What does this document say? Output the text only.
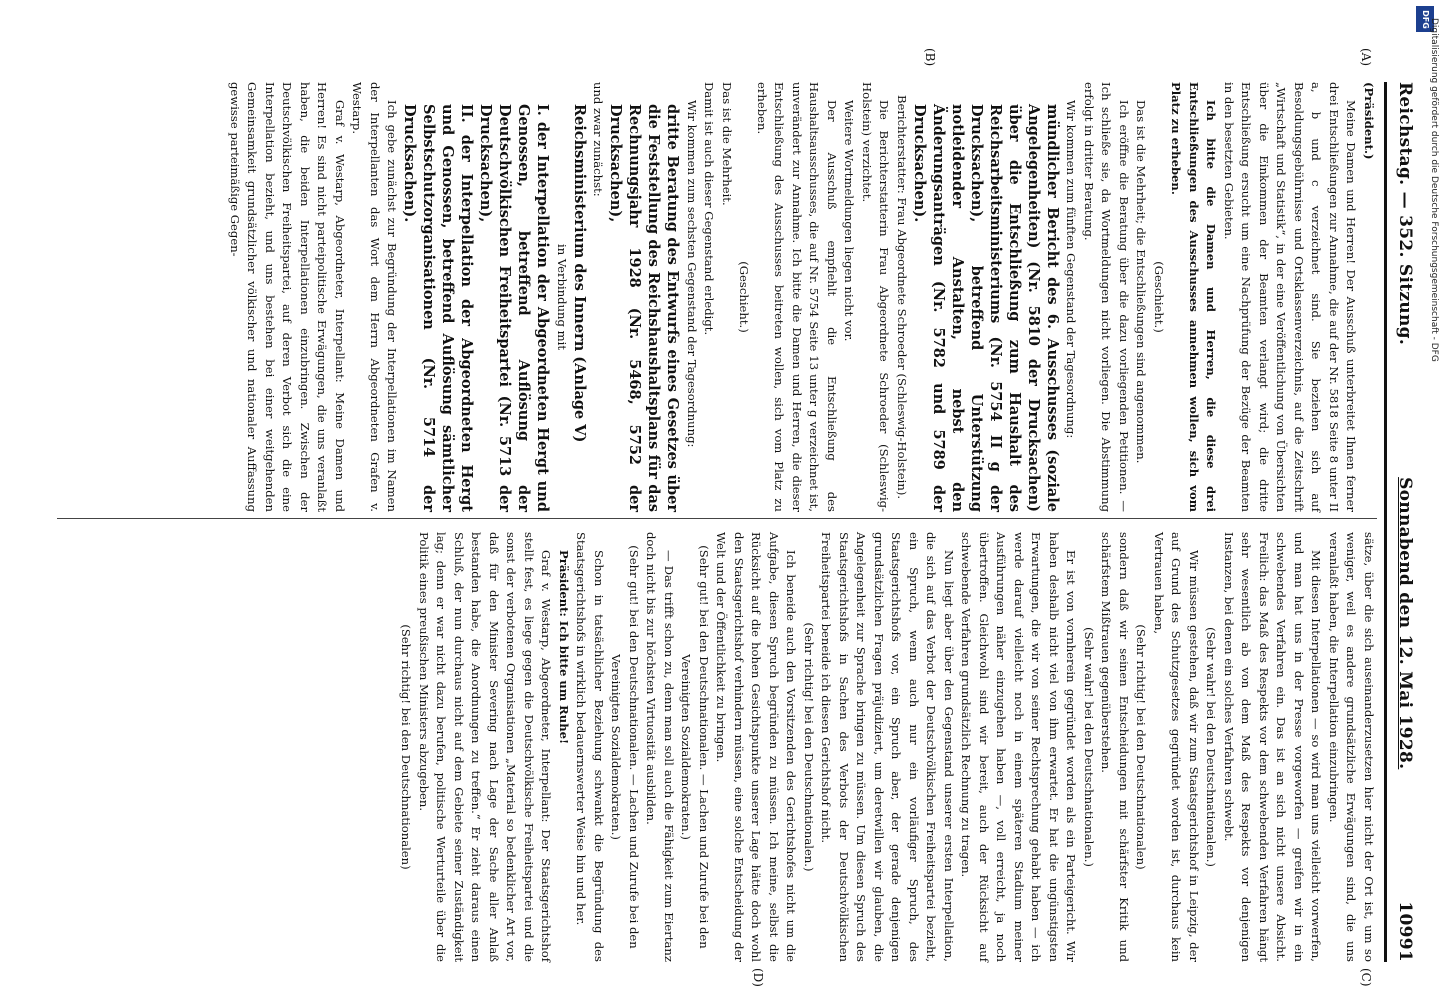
DFG Digitalisierung gefördert durch die Deutsche Forschungsgemeinschaft - DFG
Reichstag. — 352. Sitzung.
Sonnabend den 12. Mai 1928.
10991
(A)
(B)
(C)
(D)

(Präsident.)

Meine Damen und Herren! Der Ausschuß unterbreitet Ihnen ferner drei Entschließungen zur Annahme, die auf der Nr. 5818 Seite 8 unter II a, b und c verzeichnet sind. Sie beziehen sich auf Besoldungsgebührnisse und Ortsklassenverzeichnis, auf die Zeitschrift „Wirtschaft und Statistik“, in der eine Veröffentlichung von Übersichten über die Einkommen der Beamten verlangt wird; die dritte Entschließung ersucht um eine Nachprüfung der Bezüge der Beamten in den besetzten Gebieten.

Ich bitte die Damen und Herren, die diese drei Entschließungen des Ausschusses annehmen wollen, sich vom Platz zu erheben.

(Geschieht.)

Das ist die Mehrheit; die Entschließungen sind angenommen.

Ich eröffne die Beratung über die dazu vorliegenden Petitionen. — Ich schließe sie, da Wortmeldungen nicht vorliegen. Die Abstimmung erfolgt in dritter Beratung.

Wir kommen zum fünften Gegenstand der Tagesordnung:

mündlicher Bericht des 6. Ausschusses (soziale Angelegenheiten) (Nr. 5810 der Drucksachen) über die Entschließung zum Haushalt des Reichsarbeitsministeriums (Nr. 5754 II g der Drucksachen), betreffend Unterstützung notleidender Anstalten, nebst den Änderungsanträgen (Nr. 5782 und 5789 der Drucksachen).

Berichterstatter: Frau Abgeordnete Schroeder (Schleswig-Holstein).

Die Berichterstatterin Frau Abgeordnete Schroeder (Schleswig-Holstein) verzichtet.

Weitere Wortmeldungen liegen nicht vor.

Der Ausschuß empfiehlt die Entschließung des Haushaltsausschusses, die auf Nr. 5754 Seite 13 unter g verzeichnet ist, unverändert zur Annahme. Ich bitte die Damen und Herren, die dieser Entschließung des Ausschusses beitreten wollen, sich vom Platz zu erheben.

(Geschieht.)

Das ist die Mehrheit.

Damit ist auch dieser Gegenstand erledigt.

Wir kommen zum sechsten Gegenstand der Tagesordnung:

dritte Beratung des Entwurfs eines Gesetzes über die Feststellung des Reichshaushaltsplans für das Rechnungsjahr 1928 (Nr. 5468, 5752 der Drucksachen),

und zwar zunächst:

Reichsministerium des Innern (Anlage V)

in Verbindung mit

I. der Interpellation der Abgeordneten Hergt und Genossen, betreffend Auflösung der Deutschvölkischen Freiheitspartei (Nr. 5713 der Drucksachen),

II. der Interpellation der Abgeordneten Hergt und Genossen, betreffend Auflösung sämtlicher Selbstschutzorganisationen (Nr. 5714 der Drucksachen).

Ich gebe zunächst zur Begründung der Interpellationen im Namen der Interpellanten das Wort dem Herrn Abgeordneten Grafen v. Westarp.

Graf v. Westarp, Abgeordneter, Interpellant: Meine Damen und Herren! Es sind nicht parteipolitische Erwägungen, die uns veranlaßt haben, die beiden Interpellationen einzubringen. Zwischen der Deutschvölkischen Freiheitspartei, auf deren Verbot sich die eine Interpellation bezieht, und uns bestehen bei einer weitgehenden Gemeinsamkeit grundsätzlicher völkischer und nationaler Auffassung gewisse parteimäßige Gegen-

sätze, über die sich auseinanderzusetzen hier nicht der Ort ist, um so weniger, weil es andere grundsätzliche Erwägungen sind, die uns veranlaßt haben, die Interpellation einzubringen.

Mit diesen Interpellationen — so wird man uns vielleicht vorwerfen, und man hat uns in der Presse vorgeworfen — greifen wir in ein schwebendes Verfahren ein. Das ist an sich nicht unsere Absicht. Freilich: das Maß des Respekts vor dem schwebenden Verfahren hängt sehr wesentlich ab von dem Maß des Respekts vor denjenigen Instanzen, bei denen ein solches Verfahren schwebt.

(Sehr wahr! bei den Deutschnationalen.)

Wir müssen gestehen, daß wir zum Staatsgerichtshof in Leipzig, der auf Grund des Schutzgesetzes gegründet worden ist, durchaus kein Vertrauen haben,

(Sehr richtig! bei den Deutschnationalen)

sondern daß wir seinen Entscheidungen mit schärfster Kritik und schärfstem Mißtrauen gegenüberstehen.

(Sehr wahr! bei den Deutschnationalen.)

Er ist von vornherein gegründet worden als ein Parteigericht. Wir haben deshalb nicht viel von ihm erwartet. Er hat die ungünstigsten Erwartungen, die wir von seiner Rechtsprechung gehabt haben — ich werde darauf vielleicht noch in einem späteren Stadium meiner Ausführungen näher einzugehen haben —, voll erreicht, ja noch übertroffen. Gleichwohl sind wir bereit, auch der Rücksicht auf schwebende Verfahren grundsätzlich Rechnung zu tragen.

Nun liegt aber über den Gegenstand unserer ersten Interpellation, die sich auf das Verbot der Deutschvölkischen Freiheitspartei bezieht, ein Spruch, wenn auch nur ein vorläufiger Spruch, des Staatsgerichtshofs vor, ein Spruch aber, der gerade denjenigen grundsätzlichen Fragen präjudiziert, um deretwillen wir glauben, die Angelegenheit zur Sprache bringen zu müssen. Um diesen Spruch des Staatsgerichtshofs in Sachen des Verbots der Deutschvölkischen Freiheitspartei beneide ich diesen Gerichtshof nicht.

(Sehr richtig! bei den Deutschnationalen.)

Ich beneide auch den Vorsitzenden des Gerichtshofes nicht um die Aufgabe, diesen Spruch begründen zu müssen. Ich meine, selbst die Rücksicht auf die hohen Gesichtspunkte unserer Lage hätte doch wohl den Staatsgerichtshof verhindern müssen, eine solche Entscheidung der Welt und der Öffentlichkeit zu bringen.

(Sehr gut! bei den Deutschnationalen. — Lachen und Zurufe bei den Vereinigten Sozialdemokraten.)

— Das trifft schon zu, denn man soll auch die Fähigkeit zum Eiertanz doch nicht bis zur höchsten Virtuosität ausbilden.

(Sehr gut! bei den Deutschnationalen. — Lachen und Zurufe bei den Vereinigten Sozialdemokraten.)

Schon in tatsächlicher Beziehung schwankt die Begründung des Staatsgerichtshofs in wirklich bedauernswerter Weise hin und her.

Präsident: Ich bitte um Ruhe!

Graf v. Westarp, Abgeordneter, Interpellant: Der Staatsgerichtshof stellt fest, es liege gegen die Deutschvölkische Freiheitspartei und die sonst der verbotenen Organisationen „Material so bedenklicher Art vor, daß für den Minister Severing nach Lage der Sache aller Anlaß bestanden habe, die Anordnungen zu treffen.“ Er zieht daraus einen Schluß, der nun durchaus nicht auf dem Gebiete seiner Zuständigkeit lag; denn er war nicht dazu berufen, politische Werturteile über die Politik eines preußischen Ministers abzugeben.

(Sehr richtig! bei den Deutschnationalen)
